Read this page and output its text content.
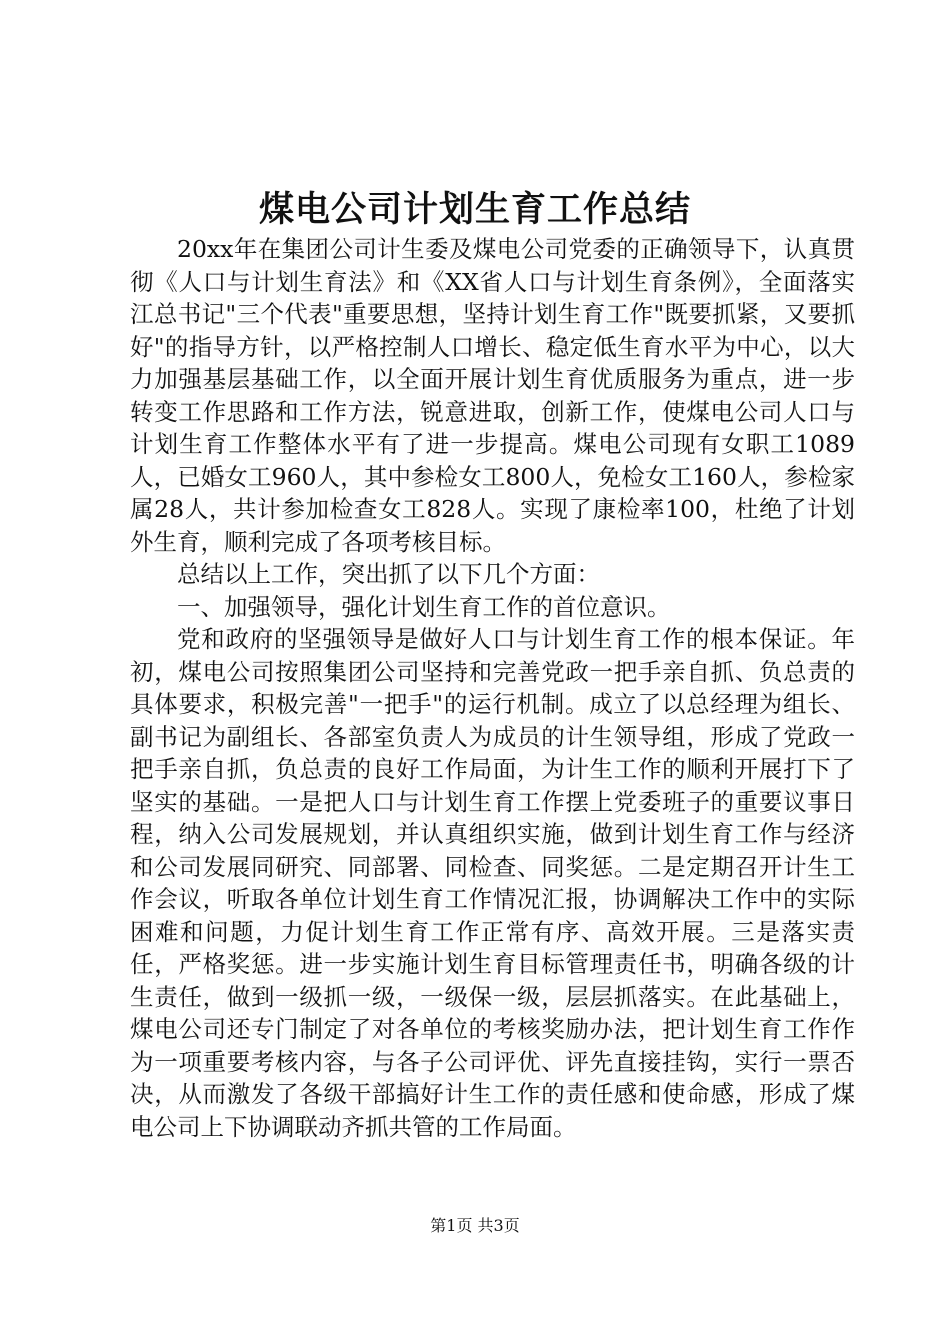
煤电公司计划生育工作总结

20xx年在集团公司计生委及煤电公司党委的正确领导下，认真贯彻《人口与计划生育法》和《XX省人口与计划生育条例》，全面落实江总书记"三个代表"重要思想，坚持计划生育工作"既要抓紧，又要抓好"的指导方针，以严格控制人口增长、稳定低生育水平为中心，以大力加强基层基础工作，以全面开展计划生育优质服务为重点，进一步转变工作思路和工作方法，锐意进取，创新工作，使煤电公司人口与计划生育工作整体水平有了进一步提高。煤电公司现有女职工1089人，已婚女工960人，其中参检女工800人，免检女工160人，参检家属28人，共计参加检查女工828人。实现了康检率100，杜绝了计划外生育，顺利完成了各项考核目标。

总结以上工作，突出抓了以下几个方面：

一、加强领导，强化计划生育工作的首位意识。

党和政府的坚强领导是做好人口与计划生育工作的根本保证。年初，煤电公司按照集团公司坚持和完善党政一把手亲自抓、负总责的具体要求，积极完善"一把手"的运行机制。成立了以总经理为组长、副书记为副组长、各部室负责人为成员的计生领导组，形成了党政一把手亲自抓，负总责的良好工作局面，为计生工作的顺利开展打下了坚实的基础。一是把人口与计划生育工作摆上党委班子的重要议事日程，纳入公司发展规划，并认真组织实施，做到计划生育工作与经济和公司发展同研究、同部署、同检查、同奖惩。二是定期召开计生工作会议，听取各单位计划生育工作情况汇报，协调解决工作中的实际困难和问题，力促计划生育工作正常有序、高效开展。三是落实责任，严格奖惩。进一步实施计划生育目标管理责任书，明确各级的计生责任，做到一级抓一级，一级保一级，层层抓落实。在此基础上，煤电公司还专门制定了对各单位的考核奖励办法，把计划生育工作作为一项重要考核内容，与各子公司评优、评先直接挂钩，实行一票否决，从而激发了各级干部搞好计生工作的责任感和使命感，形成了煤电公司上下协调联动齐抓共管的工作局面。

第1页 共3页
